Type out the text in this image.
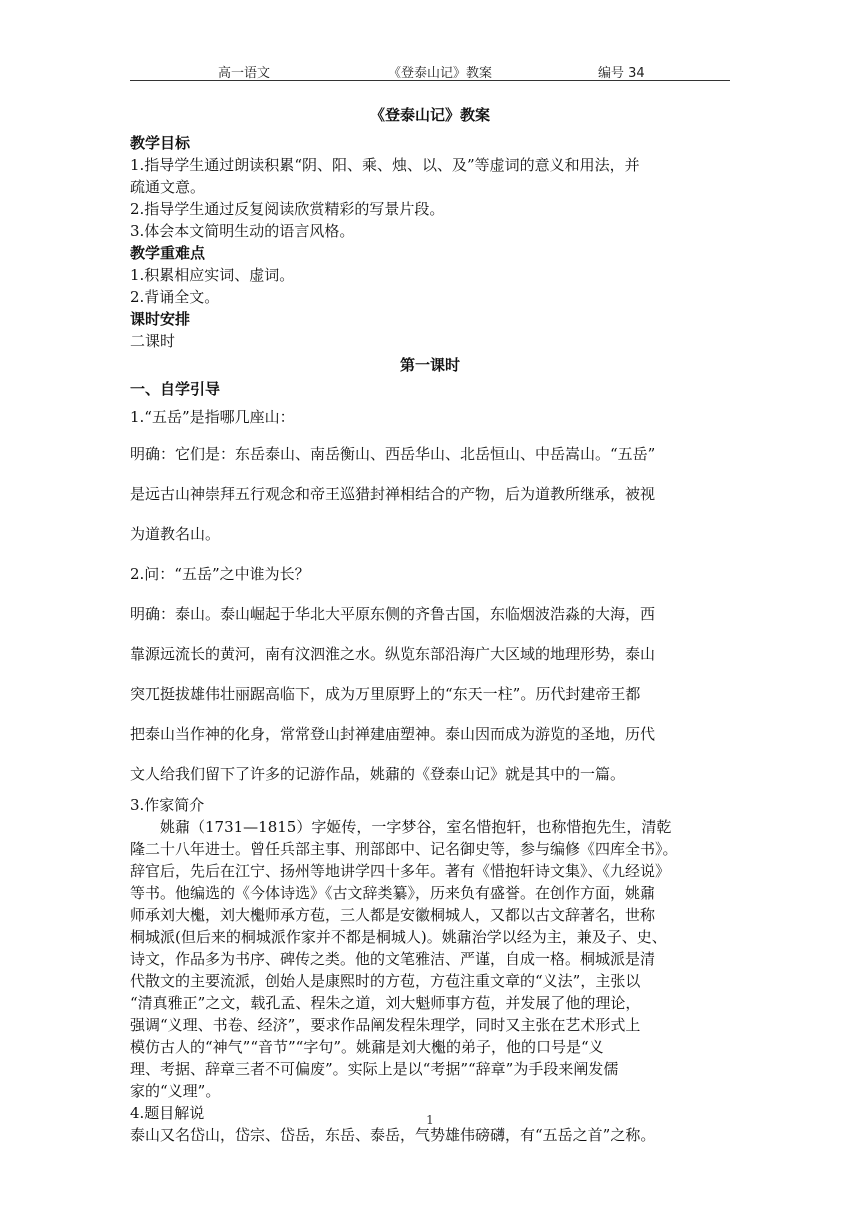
高一语文	《登泰山记》教案	编号 34
《登泰山记》教案

教学目标

1.指导学生通过朗读积累“阴、阳、乘、烛、以、及”等虚词的意义和用法，并

疏通文意。

2.指导学生通过反复阅读欣赏精彩的写景片段。

3.体会本文简明生动的语言风格。

教学重难点

1.积累相应实词、虚词。

2.背诵全文。

课时安排

二课时

第一课时

一、自学引导

1.“五岳”是指哪几座山：

明确：它们是：东岳泰山、南岳衡山、西岳华山、北岳恒山、中岳嵩山。“五岳”

是远古山神崇拜五行观念和帝王巡猎封禅相结合的产物，后为道教所继承，被视

为道教名山。

2.问：“五岳”之中谁为长？

明确：泰山。泰山崛起于华北大平原东侧的齐鲁古国，东临烟波浩淼的大海，西

靠源远流长的黄河，南有汶泗淮之水。纵览东部沿海广大区域的地理形势，泰山

突兀挺拔雄伟壮丽踞高临下，成为万里原野上的“东天一柱”。历代封建帝王都

把泰山当作神的化身，常常登山封禅建庙塑神。泰山因而成为游览的圣地，历代

文人给我们留下了许多的记游作品，姚鼐的《登泰山记》就是其中的一篇。

3.作家简介

姚鼐（1731—1815）字姬传，一字梦谷，室名惜抱轩，也称惜抱先生，清乾

隆二十八年进士。曾任兵部主事、刑部郎中、记名御史等，参与编修《四库全书》。

辞官后，先后在江宁、扬州等地讲学四十多年。著有《惜抱轩诗文集》、《九经说》

等书。他编选的《今体诗选》《古文辞类纂》，历来负有盛誉。在创作方面，姚鼐

师承刘大櫆，刘大櫆师承方苞，三人都是安徽桐城人，又都以古文辞著名，世称

桐城派(但后来的桐城派作家并不都是桐城人)。姚鼐治学以经为主，兼及子、史、

诗文，作品多为书序、碑传之类。他的文笔雅洁、严谨，自成一格。桐城派是清

代散文的主要流派，创始人是康熙时的方苞，方苞注重文章的“义法”，主张以

“清真雅正”之文，载孔孟、程朱之道，刘大魁师事方苞，并发展了他的理论，

强调“义理、书卷、经济”，要求作品阐发程朱理学，同时又主张在艺术形式上

模仿古人的“神气”“音节”“字句”。姚鼐是刘大櫆的弟子，他的口号是“义

理、考据、辞章三者不可偏废”。实际上是以“考据”“辞章”为手段来阐发儒

家的“义理”。

4.题目解说

泰山又名岱山，岱宗、岱岳，东岳、泰岳，气势雄伟磅礴，有“五岳之首”之称。

1
